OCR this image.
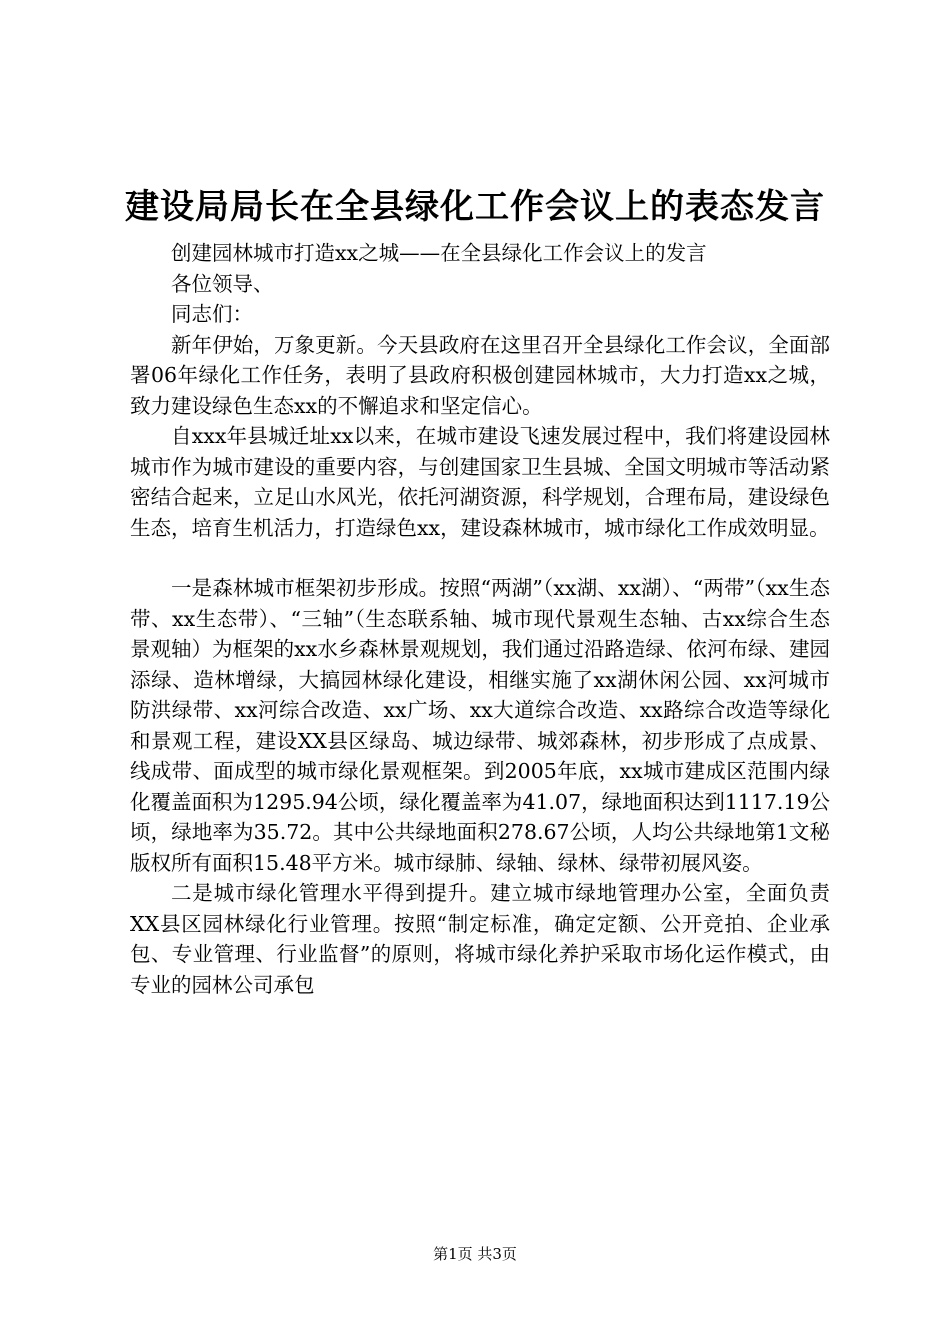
建设局局长在全县绿化工作会议上的表态发言

创建园林城市打造xx之城——在全县绿化工作会议上的发言

各位领导、

同志们：

新年伊始，万象更新。今天县政府在这里召开全县绿化工作会议，全面部署06年绿化工作任务，表明了县政府积极创建园林城市，大力打造xx之城，致力建设绿色生态xx的不懈追求和坚定信心。

自xxx年县城迁址xx以来，在城市建设飞速发展过程中，我们将建设园林城市作为城市建设的重要内容，与创建国家卫生县城、全国文明城市等活动紧密结合起来，立足山水风光，依托河湖资源，科学规划，合理布局，建设绿色生态，培育生机活力，打造绿色xx，建设森林城市，城市绿化工作成效明显。

一是森林城市框架初步形成。按照“两湖”（xx湖、xx湖）、“两带”（xx生态带、xx生态带）、“三轴”（生态联系轴、城市现代景观生态轴、古xx综合生态景观轴）为框架的xx水乡森林景观规划，我们通过沿路造绿、依河布绿、建园添绿、造林增绿，大搞园林绿化建设，相继实施了xx湖休闲公园、xx河城市防洪绿带、xx河综合改造、xx广场、xx大道综合改造、xx路综合改造等绿化和景观工程，建设XX县区绿岛、城边绿带、城郊森林，初步形成了点成景、线成带、面成型的城市绿化景观框架。到2005年底，xx城市建成区范围内绿化覆盖面积为1295.94公顷，绿化覆盖率为41.07，绿地面积达到1117.19公顷，绿地率为35.72。其中公共绿地面积278.67公顷，人均公共绿地第1文秘版权所有面积15.48平方米。城市绿肺、绿轴、绿林、绿带初展风姿。

二是城市绿化管理水平得到提升。建立城市绿地管理办公室，全面负责XX县区园林绿化行业管理。按照“制定标准，确定定额、公开竞拍、企业承包、专业管理、行业监督”的原则，将城市绿化养护采取市场化运作模式，由专业的园林公司承包

第1页 共3页
